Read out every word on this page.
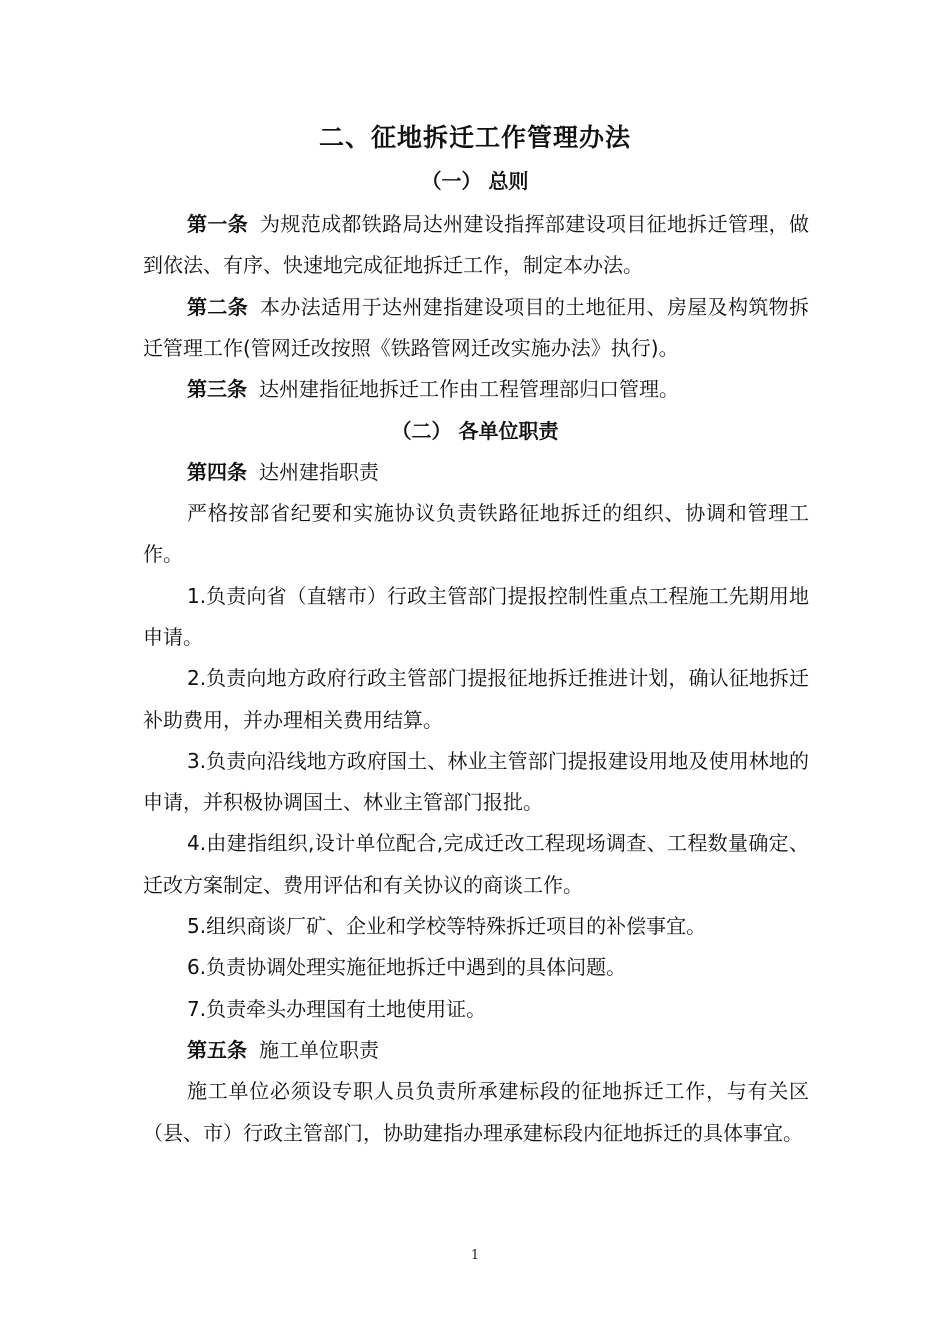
二、征地拆迁工作管理办法
（一） 总则

第一条 为规范成都铁路局达州建设指挥部建设项目征地拆迁管理，做到依法、有序、快速地完成征地拆迁工作，制定本办法。

第二条 本办法适用于达州建指建设项目的土地征用、房屋及构筑物拆迁管理工作(管网迁改按照《铁路管网迁改实施办法》执行)。

第三条 达州建指征地拆迁工作由工程管理部归口管理。

第四条 达州建指职责

严格按部省纪要和实施协议负责铁路征地拆迁的组织、协调和管理工作。

1.负责向省（直辖市）行政主管部门提报控制性重点工程施工先期用地申请。

2.负责向地方政府行政主管部门提报征地拆迁推进计划，确认征地拆迁补助费用，并办理相关费用结算。

3.负责向沿线地方政府国土、林业主管部门提报建设用地及使用林地的申请，并积极协调国土、林业主管部门报批。

4.由建指组织,设计单位配合,完成迁改工程现场调查、工程数量确定、迁改方案制定、费用评估和有关协议的商谈工作。

5.组织商谈厂矿、企业和学校等特殊拆迁项目的补偿事宜。

6.负责协调处理实施征地拆迁中遇到的具体问题。

7.负责牵头办理国有土地使用证。

第五条 施工单位职责

施工单位必须设专职人员负责所承建标段的征地拆迁工作，与有关区（县、市）行政主管部门，协助建指办理承建标段内征地拆迁的具体事宜。

（二） 各单位职责
1
